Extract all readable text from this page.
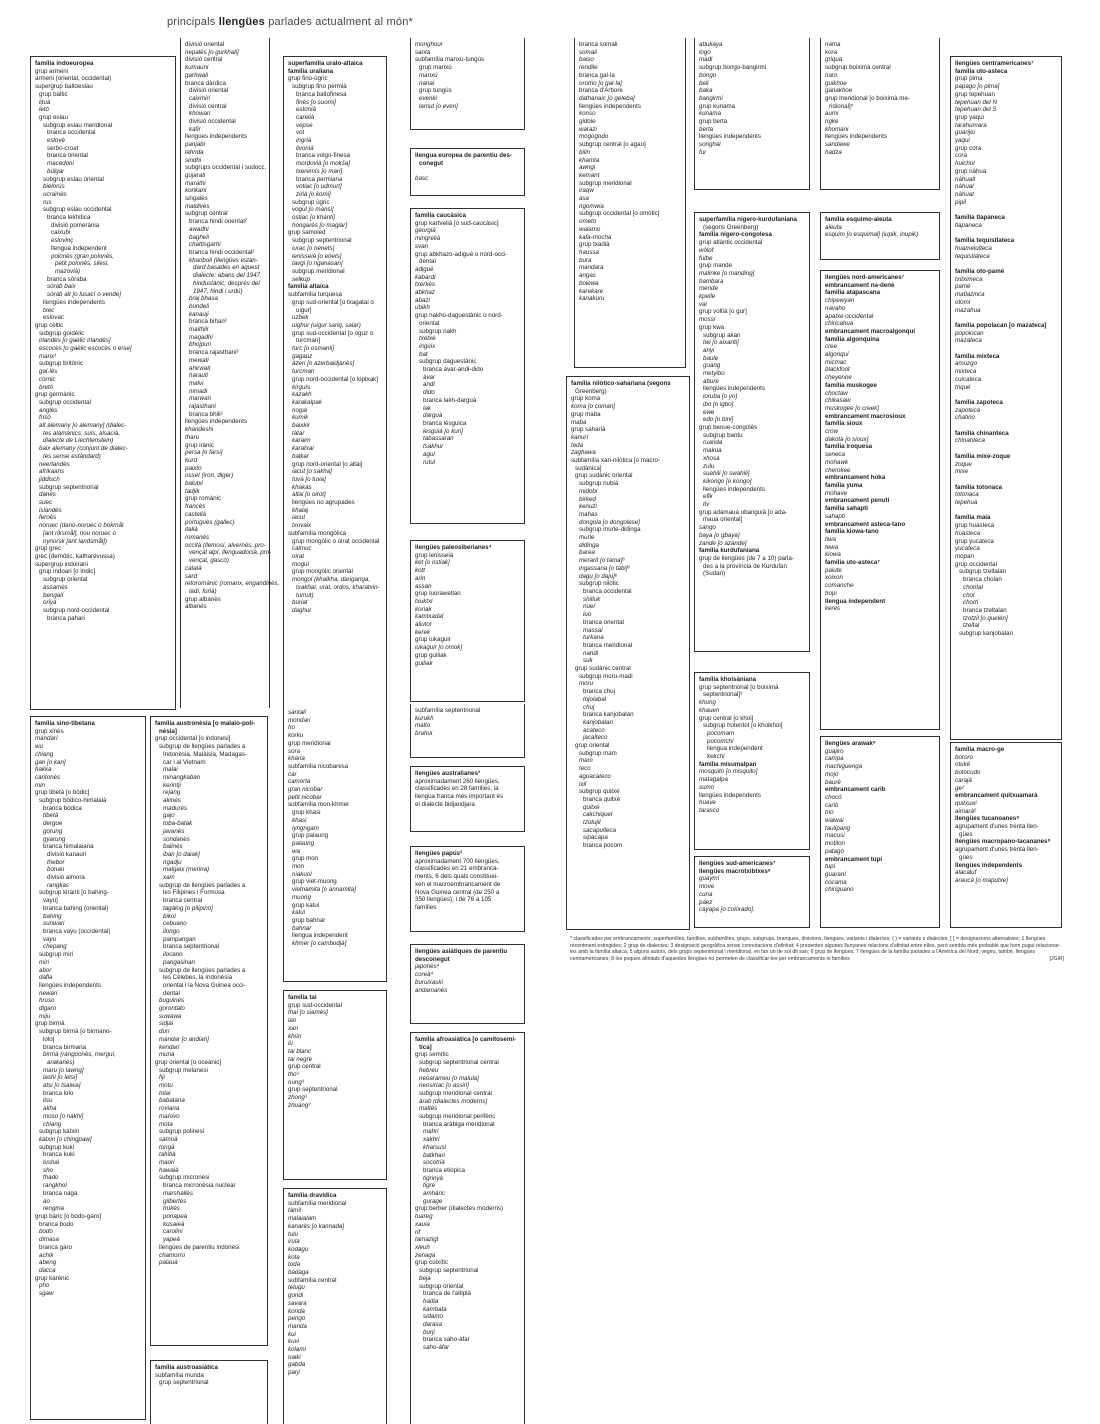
principals llengües parlades actualment al món*
divisió oriental
nepalès [o gurkhali]
divisió central
kumauni
garhwali
branca dàrdica
divisió oriental
caixmiri
divisió central
khowari
divisió occidental
kafir
llengües independents
panjabi
lahnda
sindhi
subgrups occidental i sudocc.
gujarati
marathi
konkani
singalès
maldivès
subgrup central
branca hindi oriental²
awadhi
bagheli
chattisgarhi
branca hindi occidental²
khariboli (llengües estàn-
dard basades en aquest
dialecte: abans del 1947,
hindustànic; després del
1947, hindi i urdú)
braj bhasa
bundeli
kanauji
branca bihari²
maithili
magadhi
bhojpuri
branca rajasthani²
mewati
ahirwati
harauti
malvi
nimadi
marwari
rajasthani
branca bhili²
llengües independents
khandeshi
tharu
grup irànic
persa [o farsi]
kurd
paixto
osset (iron, diger)
balutxi
tadjik
grup romànic
francès
castellà
portuguès (gallec)
italià
romanès
occità (llemosí, alvernès, pro-
vençal alpí, llenguadocià, pro-
vençal, gascó)
català
sard
retoromànic (romanx, engandinès,
ladí, furlà)
grup albanès
albanès
família indoeuropea
grup armeni
armeni (oriental, occidental)
supergrup baltoeslau
grup bàltic
lituà
letó
grup eslau
subgrup eslau meridional
branca occidental
eslovè
serbo-croat
branca oriental
macedoni
búlgar
subgrup eslau oriental
bielorús
ucraïnès
rus
subgrup eslau occidental
branca lekhítica
divisió pomerània
caixubi
eslovinç
llengua independent
polonès (gran polonès,
petit polonès, silesi,
mazovià)
branca sòraba
sòrab baix
sòrab alt [o lusací o vende]
llengües independents
txec
eslovac
grup cèltic
subgrup goidèlic
irlandès [o gaèlic irlandès]
escocès [o gaèlic escocès o erse]
manx¹
subgrup britònic
gal·lès
còrnic
bretó
grup germànic
subgrup occidental
anglès
frisó
alt alemany [o alemany] (dialec-
tes alamànics: suís, alsacià,
dialecte de Liechtenstein)
baix alemany (conjunt de dialec-
tes sense estàndard)
neerlandès
afrikaans
jiddisch
subgrup septentrional
danès
suec
islandès
feroès
noruec (dano-noruec o bokmål
[ant riksmål], nou noruec o
nynorsk [ant landsmål])
grup grec
grec (demòtic, katharévussa)
supergrup indoirani
grup indoari [o índic]
subgrup oriental
assamès
bengalí
oriya
subgrup nord-occidental
branca pahari
superfamília uralo-altaica
família uraliana
grup fino-ùgric
subgrup fino permià
branca baltofinesa
finès [o suomi]
estonià
carelià
vepse
vot
ingrià
livonià
branca volgo-finesa
mordovià [o mokša]
txeremís [o mari]
branca permiana
votiac [o udmurt]
zirià [o komi]
subgrup ùgric
vogul [o mansi]
ostiac [o khanti]
hongarès [o magiar]
grup samoied
subgrup septentrional
iurac [o nenets]
ienisseià [o enets]
tavgi [o nganasan]
subgrup meridional
selkup
família altaica
subfamília turquesa
grup sud-oriental [o txagatai o
uigur]
uzbek
uighur (uigur sariq, salar)
grup sud-occidental [o oguz o
turcman]
turc [o osmanli]
gagauz
àzeri [o azerbaidjanès]
turcman
grup nord-occidental [o kiptxak]
kirguís
kazakh
karakalpak
nogai
kumik
baixkir
tàtar
karaim
karatxai
balkar
grup nord-oriental [o altai]
iacut [o sakha]
tuvà [o tuva]
khakàs
altai [o oirot]
llengües no agrupades
khalaj
iacut
txuvaix
subfamília mongòlica
grup mongòlic o oirat occidental
calmuc
oirat
mogul
grup mongòlic oriental
mongol (khalkha, dariganga,
txakhar, urat, ordos, kharatxin-
tumut)
buriat
daghur
monghour
santa
subfamília manxú-tungús
grup manxú
manxú
nanai
grup tungús
evenki
lamut [o even]
llengua europea de parentiu des-
conegut

basc
família caucàsica
grup kartvelià [o sud-caucàsic]
georgià
mingrelià
svan
grup abkhazo-adigué o nord-occi-
dental
adigué
kabardí
txerkès
abkhaz
abazí
ubikh
grup nakho-daguestànic o nord-
oriental
subgrup nakh
txetxè
ingúix
bat
subgrup daguestànic
branca àvar-andi-dido
àvar
andi
dido
branca lakh-darguà
lak
darguà
branca lèsguica
lesguià [o kuri]
tabassaran
tsakhur
agul
rutul
llengües paleosiberianes⁴
grup ienisseià
ket [o ostiak]
kott
arin
assan
grup luorawetlan
txuktxi
koriak
kamtxadal
aliutor
kerek
grup iukaguir
iukaguir [o omok]
grup guiliak
guiliak
família sino-tibetana
grup xinès
mandarí
wu
chiang
gan [o kan]
hakka
cantonès
min
grup tibetà [o bòdic]
subgrup bòdico-himalaià
branca bòdica
tibetà
dergue
gorung
gyarung
branca himalaiana
divisió kanauri
thebor
bonan
divisió almora
rangkas
subgrup kiranti [o bahing-
vayu]
branca bahing (oriental)
bahing
sunwari
branca vayu (occidental)
vayu
chepang
subgrup miri
miri
abor
dafla
llengües independents
newari
hruso
digaro
miju
grup birmà
subgrup birmà [o birmano-
lolo]
branca birmana
birmà (rangoonès, merguí,
arakanès)
maru [o lawng]
lashi [o letsi]
atsi [o tsaiwa]
branca lolo
lisu
akha
moso [o nakhi]
chiang
subgrup katxin
katxin [o chingpaw]
subgrup kuki
branca kuki
lushai
sho
thado
rangkhol
branca naga
ao
rengma
grup bàric [o bodo-garo]
branca bodo
bodo
dimasa
branca garo
achik
abeng
dacca
grup karènic
pho
sgaw
família austronèsia [o malaio-poli-
nèsia]
grup occidental [o indonesi]
subgrup de llengües parlades a
Indonèsia, Malàisia, Madagas-
car i al Vietnam
malai
minangkaban
kerintji
rejang
akinès
madurès
gajo
toba-batak
javanès
sondanès
balinès
iban [o daiak]
ngadju
malgaix (merina)
xam
subgrup de llengües parlades a
les Filipines i Formosa
branca central
tagàlog [o pilipino]
bikol
cebuano
ilongo
pampangan
branca septentrional
ilocano
pangasinan
subgrup de llengües parlades a
les Cèlebes, la Indonèsia
oriental i la Nova Guinea occi-
dental
buguinès
gorontalo
suwawa
sidjai
duri
mandar [o andian]
kendari
muna
grup oriental [o oceànic]
subgrup melanesi
fiji
motu
tolai
babatana
roviana
marovo
mota
subgrup polinesi
samoà
tongà
tahitià
maori
hawaià
subgrup micronesi
branca micronèsia nuclear
marshallès
gilbertès
trukès
ponapeà
kusaieà
carolini
yapeà
llengües de parentiu indonesi
chamorro
palauà
família austroasiàtica
subfamília munda
grup septentrional
santali
mondari
ho
korku
grup meridional
sora
kharia
subfamília nicobaresa
car
camorta
gran nicobar
petit nicobar
subfamília mon-khmer
grup khasi
khasi
lyngngam
grup palaung
palaung
wa
grup mon
mon
niakuol
grup viet-muong
vietnamita [o annamita]
muong
grup katui
katui
grup bahnar
bahnar
llengua independent
khmer [o cambodjà]
família tai
grup sud-occidental
thai [o siamès]
lao
xan
khün
lü
tai blanc
tai negre
grup central
tho³
nung³
grup septentrional
zhong³
zhuang³
família dravídica
subfamília meridional
tàmil
malaialam
kanarès [o kannada]
tulu
irula
kodagu
kota
toda
badaga
subfamília central
telugu
gondi
savara
konda
pengo
manda
kui
kuvi
kolami
naiki
gabda
parji
subfamília septentrional
kurukh
malto
brahui
llengües australianes³
aproximadament 260 llengües,
classificades en 28 famílies; la
llengua franca més important és
el dialecte bidjandjara
llengües papús³
aproximadament 700 llengües,
classificades en 21 embranca-
ments, 6 dels quals constituei-
xen el macroembrancament de
Nova Guinea central (de 250 a
350 llengües), i de 76 a 105
famílies
llengües asiàtiques de parentiu
desconegut
japonès⁴
coreà⁴
buruixaski
andamanès
família afroasiàtica [o camitosemí-
tica]
grup semític
subgrup septentrional central
hebreu
neoarameu [o malula]
neosiríac [o assiri]
subgrup meridional central
àrab (dialectes moderns)
maltès
subgrup meridional perifèric
branca aràbiga meridional
mahri
xakhri
kharsusi
batkhari
socotrià
branca etiòpica
tigrinyà
tigré
amhàric
gurage
grup berber (dialectes moderns)
tuareg
xauia
rif
tamazigt
xleuh
zenaga
grup cuixític
subgrup septentrional
beja
subgrup oriental
branca de l'altiplà
hadia
kambata
sidamo
darasa
burji
branca saho-àfar
saho-àfar
branca somali
somali
baiso
rendile
branca gal·la
oromo [o gal·la]
branca d'Arbore
dathanaic [o geleba]
llengües independents
konso
gidole
warazi
mogogodo
subgrup central [o agau]
bilin
khamta
awngi
kemant
subgrup meridional
iraqw
asa
ngomwia
subgrup occidental [o omòtic]
ometo
walamo
kafa-mocha
grup txadià
haussa
bura
mandara
angas
bolewa
karekare
kanakuru
família nilòtico-sahariana (segons
Greenberg)
grup koma
koma [o coman]
grup maba
maba
grup saharià
kanurí
teda
zaghawa
subfamília xari-nilòtica [o macro-
sudànica]
grup sudànic oriental
subgrup nubià
midobi
birked
kenuzi
mahas
dongola [o dongolese]
subgrup murle-didinga
murle
didinga
barea
merarit [o tama]⁶
ingassana [o tabi]⁶
dagu [o daju]⁶
subgrup nilòtic
branca occidental
shilluk
nuer
luo
branca oriental
massai
turkana
branca meridional
nandi
suk
grup sudànic central
subgrup moru-madi
moru
branca chuj
tojolabal
chuj
branca kanjobalan
kanjobalan
acateco
jacalteco
grup oriental
subgrup mam
mam
teco
aguacateco
ixil
subgrup quitxé
branca quitxé
quitxé
cakchiquel
tzutujil
sacapulteca
sipacapa
branca pocom
abukaya
logo
madi
subgrup bongo-bangirmi
bongo
beli
baka
bangirmi
grup kunama
kunama
grup berta
berta
llengües independents
songhai
fur
superfamília nígero-kurdufaniana
(segons Greenberg)
família nígero-congolesa
grup atlàntic occidental
wòlof
fulbe
grup mande
malinke [o manding]
bambara
mende
kpelle
vai
grup voltià [o gur]
mossi
grup kwa
subgrup akan
twi [o aixanti]
anyi
baule
guang
metyibo
abure
llengües independents
ioruba [o yo]
ibo [o igbo]
ewe
edo [o bini]
grup benue-congolès
subgrup bantu
ruanda
makua
xhosa
zulu
suahili [o swahili]
kikongo [o kongo]
llengües independents
efik
tiv
grup adamaua ubanguià [o ada-
maua oriental]
sango
baya [o gbaya]
zande [o azande]
família kurdufaniana
grup de llengües (de 7 a 10) parla-
des a la província de Kurdufan
(Sudan)
família khoisàniana
grup septentrional [o boiximà
septentrional]⁵
khung
khauen
grup central [o khoi]
subgrup hotentot [o khoikhoi]
pocomam
pocomchi
llengua independent
kekchi
família misumalpan
mosquito [o misquito]
matagalpa
sumo
llengües independents
huave
tarasco
llengües sud-americanes⁷
llengües macrotxibtxes⁸
guaymí
move
cuna
páez
cayapa [o colorado].
nama
kora
griqua
subgrup boiximà central
naro
guikhoe
ganakhoe
grup meridional [o boiximà me-
ridional]⁵
aumi
ngke
khomani
llengües independents
sandawe
hadza
família esquimo-aleuta
aleuta
esquim [o esquimal] (iupik, inupik)
llengües nord-americanes⁷
embrancament na-dené
família atapascana
chipewyan
navaho
apatxe occidental
chiricahua
embrancament macroalgonquí
família algonquina
cree
algonquí
micmac
blackfoot
cheyenne
família muskogee
choctaw
chikasaw
muskogee [o creek]
embrancament macrosioux
família sioux
crow
dakota [o sioux]
família iroquesa
seneca
mohawk
cherokee
embrancament hoka
família yuma
mohave
embrancament penuti
família sahapti
sahapti
embrancament asteca-tano
família kiowa-tano
tiwa
tewa
kiowa
família uto-asteca⁷
paiute
xoixon
comanche
hopi
llengua independent
keres
llengües arawak⁸
guajiro
campa
machiguenga
mojo
bauré
embrancament carib
chocó
carib
trio
waiwai
taulipang
macusi
motilon
patagó
embrancament tupí
tupí
guaraní
cocama
chiriguano
llengües centramericanes⁷
família uto-asteca
grup pima
papago [o pima]
grup tepehuan
tepehuan del N
tepehuan del S
grup yaqui
tarahumara
guarijio
yaqui
grup cora
cora
huichol
grup nàhua
nàhuatl
nàhual
nàhuat
pipil

família tlapaneca
tlapaneca

família tequistlateca
huamelulteca
tequistlateca

família oto-pamé
txitximeca
pamé
matlazinca
otomí
mazahua

família popolacan [o mazateca]
popolocan
mazateca

família mixteca
amuzgo
mixteca
cuicateca
triqué

família zapoteca
zapoteca
chatino

família chinanteca
chinanteca

família mixe-zoque
zoque
mixe

família totonaca
totonaca
tepehua

família maia
grup huasteca
huasteca
grup yucateca
yucateca
mopan
grup occidental
subgrup tzeltalan
branca cholan
chontal
chol
chortí
branca tzeltalan
tzotzil [o quelén]
tzeltal
subgrup kanjobalan
família macro-ge
bororo
otuké
botocudo
carajá
ge²
embrancament quitxuamarà
quitxua²
aimarà²
llengües tucanoanes⁸
agrupament d'unes trenta llen-
gües
llengües macropano-tacananes⁸
agrupament d'unes trenta llen-
gües
llengües independents
alacaluf
araucà [o maputxe]
* classificades per embrancaments, superfamílies, famílies, subfamílies, grups, subgrups, branques, divisions, llengües, variants i dialectes; ( ) = variants o dialectes; [ ] = designacions alternatives; 1 llengües recentment extingides; 2 grup de dialectes; 3 designació geogràfica sense connotacions d'afinitat; 4 presenten algunes llunyanes relacions d'afinitat entre elles, però sembla més probable que hom pugui relacionar-les amb la família altaica; 5 alguns autors, dels grups septentrional i meridional, en fan un de sol dit san; 6 grup de llengües; 7 llengües de la família parlades a l'Amèrica del Nord; vegeu, també, llengües centramericanes; 8 les poques afinitats d'aquestes llengües no permeten de classificar-les per embrancaments ni famílies	[JGiR]
